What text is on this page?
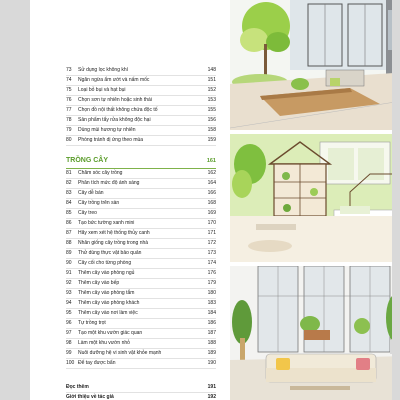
73	Sử dụng lọc không khí	148
74	Ngăn ngừa ẩm ướt và nấm mốc	151
75	Loại bỏ bụi và hạt bụi	152
76	Chọn sơn tự nhiên hoặc sinh thái	153
77	Chọn đồ nội thất không chứa độc tố	155
78	Sản phẩm tẩy rửa không độc hại	156
79	Dùng mùi hương tự nhiên	158
80	Phòng tránh dị ứng theo mùa	159
TRỒNG CÂY	161
81	Chăm sóc cây trồng	162
82	Phân tích mức độ ánh sáng	164
83	Cây dễ bán	166
84	Cây trồng trên sàn	168
85	Cây treo	169
86	Tạo bức tường xanh mini	170
87	Hãy xem xét hệ thống thủy canh	171
88	Nhân giống cây trồng trong nhà	172
89	Thử dùng thực vật bảo quản	173
90	Cây cối cho từng phòng	174
91	Thêm cây vào phòng ngủ	176
92	Thêm cây vào bếp	179
93	Thêm cây vào phòng tắm	180
94	Thêm cây vào phòng khách	183
95	Thêm cây vào nơi làm việc	184
96	Tự trồng trọt	186
97	Tạo một khu vườn giác quan	187
98	Làm một khu vườn nhỏ	188
99	Nuôi dưỡng hệ vi sinh vật khỏe mạnh	189
100 Để tay được bẩn	190
Đọc thêm	191
Giới thiệu về tác giả	192
